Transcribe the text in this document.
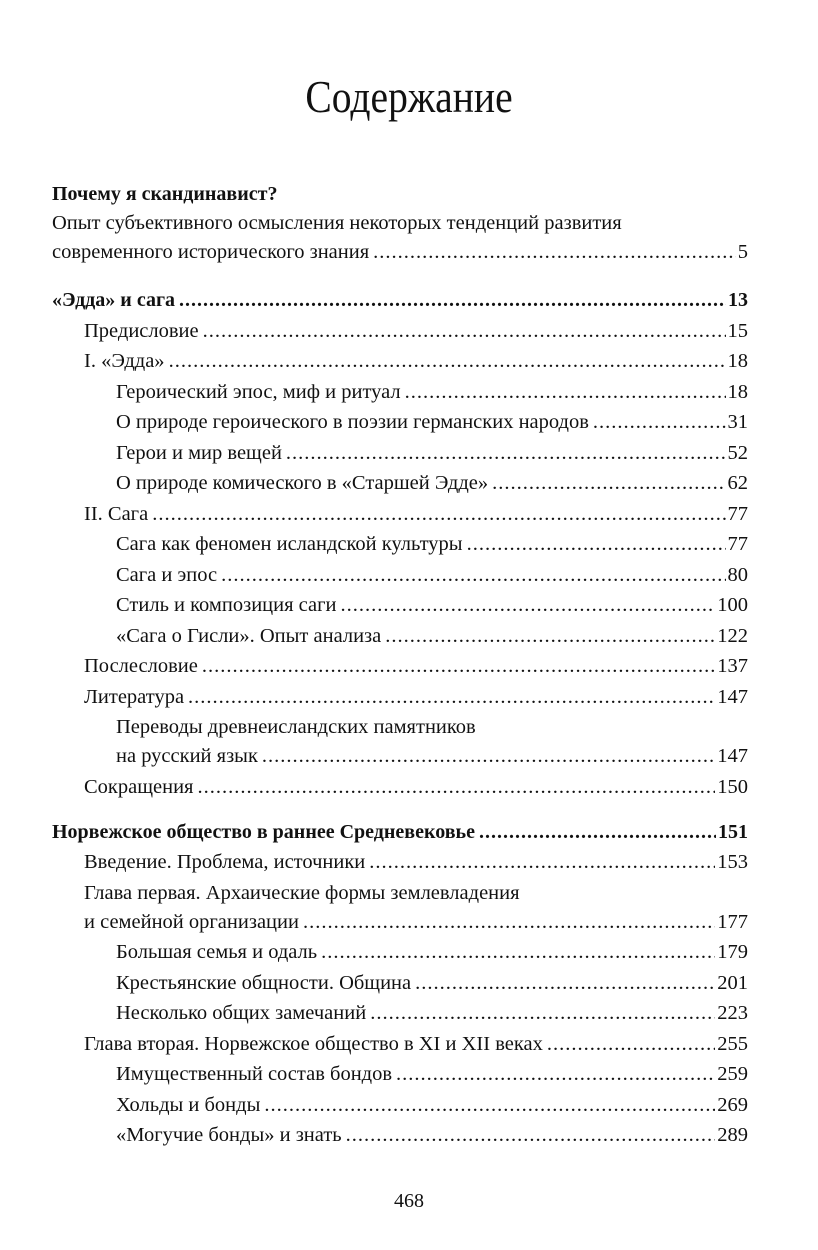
Содержание
Почему я скандинавист?
Опыт субъективного осмысления некоторых тенденций развития
современного исторического знания .....	5
«Эдда» и сага .....	13
Предисловие .....	15
I. «Эдда» .....	18
Героический эпос, миф и ритуал .....	18
О природе героического в поэзии германских народов .....	31
Герои и мир вещей .....	52
О природе комического в «Старшей Эдде» .....	62
II. Сага .....	77
Сага как феномен исландской культуры .....	77
Сага и эпос .....	80
Стиль и композиция саги .....	100
«Сага о Гисли». Опыт анализа .....	122
Послесловие .....	137
Литература .....	147
Переводы древнеисландских памятников
на русский язык .....	147
Сокращения .....	150
Норвежское общество в раннее Средневековье .....	151
Введение. Проблема, источники .....	153
Глава первая. Архаические формы землевладения
и семейной организации .....	177
Большая семья и одаль .....	179
Крестьянские общности. Община .....	201
Несколько общих замечаний .....	223
Глава вторая. Норвежское общество в XI и XII веках .....	255
Имущественный состав бондов .....	259
Хольды и бонды .....	269
«Могучие бонды» и знать .....	289
468
